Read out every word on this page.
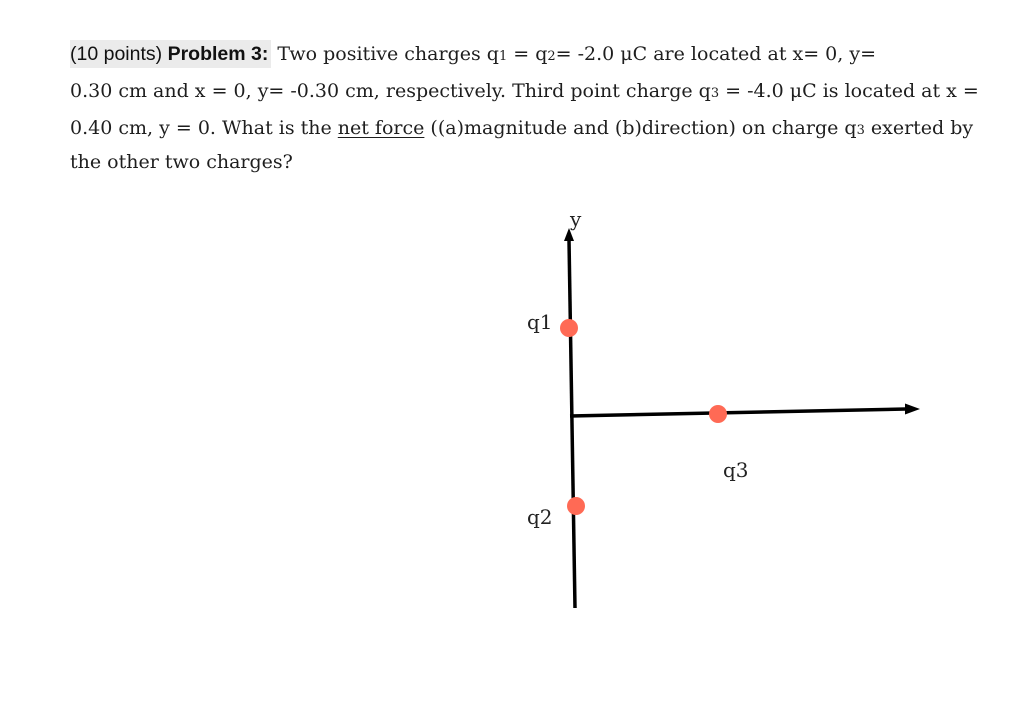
(10 points) Problem 3: Two positive charges q1 = q2= -2.0 μC are located at x= 0, y=
0.30 cm and x = 0, y= -0.30 cm, respectively. Third point charge q3 = -4.0 μC is located at x =
0.40 cm, y = 0. What is the net force ((a)magnitude and (b)direction) on charge q3 exerted by
the other two charges?
y
q1
q2
q3
